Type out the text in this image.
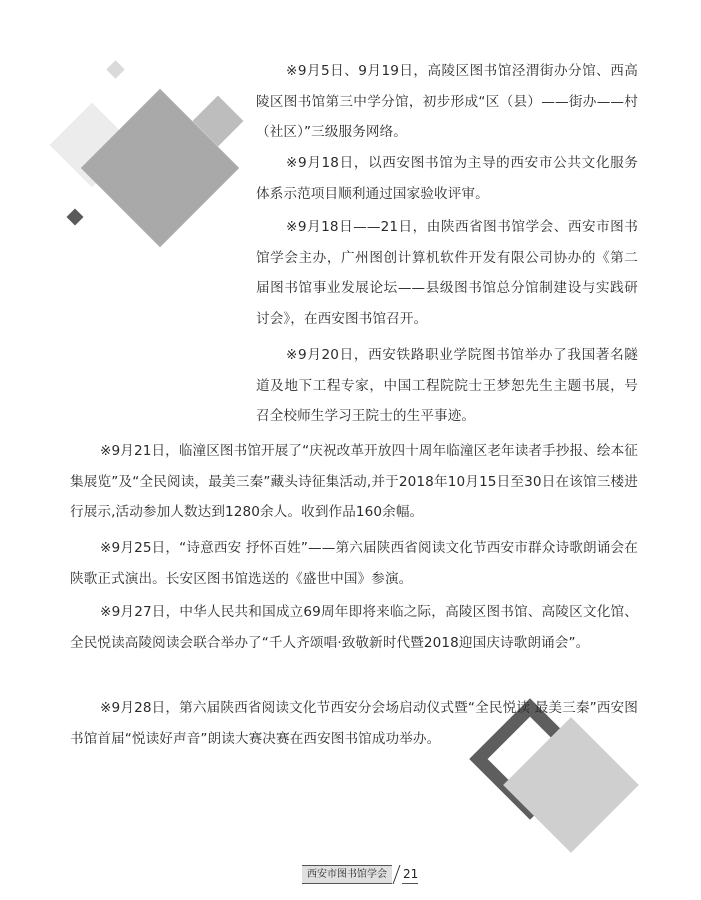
※9月5日、9月19日，高陵区图书馆泾渭街办分馆、西高陵区图书馆第三中学分馆，初步形成“区（县）——街办——村（社区）”三级服务网络。

※9月18日，以西安图书馆为主导的西安市公共文化服务体系示范项目顺利通过国家验收评审。

※9月18日——21日，由陕西省图书馆学会、西安市图书馆学会主办，广州图创计算机软件开发有限公司协办的《第二届图书馆事业发展论坛——县级图书馆总分馆制建设与实践研讨会》，在西安图书馆召开。

※9月20日，西安铁路职业学院图书馆举办了我国著名隧道及地下工程专家，中国工程院院士王梦恕先生主题书展，号召全校师生学习王院士的生平事迹。

※9月21日，临潼区图书馆开展了“庆祝改革开放四十周年临潼区老年读者手抄报、绘本征集展览”及“全民阅读，最美三秦”藏头诗征集活动,并于2018年10月15日至30日在该馆三楼进行展示,活动参加人数达到1280余人。收到作品160余幅。

※9月25日，“诗意西安 抒怀百姓”——第六届陕西省阅读文化节西安市群众诗歌朗诵会在陕歌正式演出。长安区图书馆选送的《盛世中国》参演。

※9月27日，中华人民共和国成立69周年即将来临之际，高陵区图书馆、高陵区文化馆、全民悦读高陵阅读会联合举办了“千人齐颂唱·致敬新时代暨2018迎国庆诗歌朗诵会”。

※9月28日，第六届陕西省阅读文化节西安分会场启动仪式暨“全民悦读 最美三秦”西安图书馆首届“悦读好声音”朗读大赛决赛在西安图书馆成功举办。

西安市图书馆学会	21
